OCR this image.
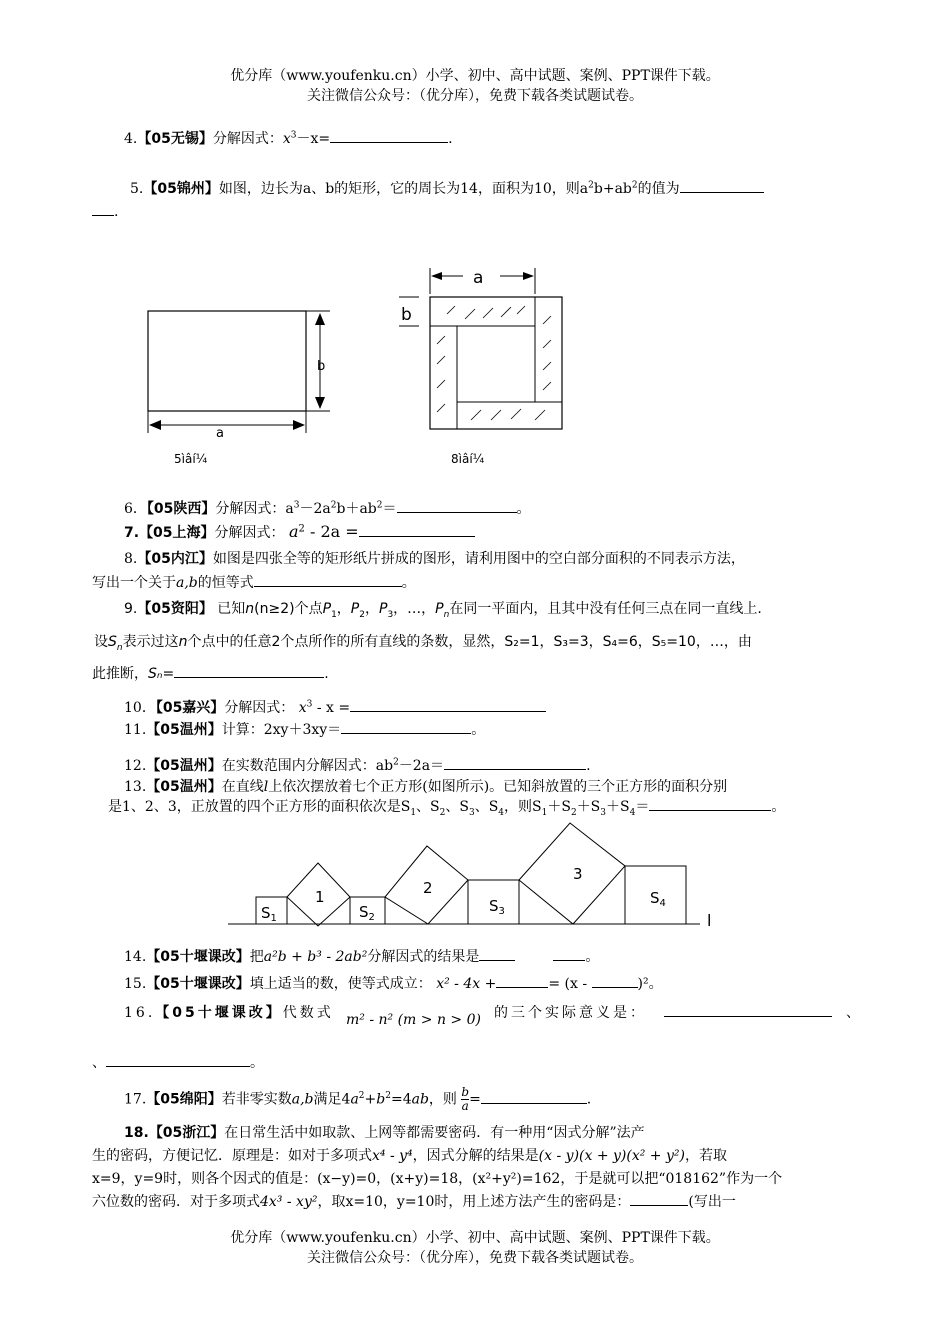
优分库（www.youfenku.cn）小学、初中、高中试题、案例、PPT课件下载。
关注微信公众号：（优分库），免费下载各类试题试卷。
4.【05无锡】分解因式：$x^3-x=$	.
5.【05锦州】如图，边长为a、b的矩形，它的周长为14，面积为10，则$a^2b+ab^2$的值为
.
b
a
5ìâí¼
a
b
8ìâí¼
6．【05陕西】分解因式：$a^3-2a^2b+ab^2=$	。
7.【05上海】分解因式： $a^2 - 2a$ =
8.【05内江】如图是四张全等的矩形纸片拼成的图形，请利用图中的空白部分面积的不同表示方法，
写出一个关于a,b的恒等式	。
9.【05资阳】 已知n(n≥2)个点$P_1$，$P_2$，$P_3$，…，$P_n$在同一平面内，且其中没有任何三点在同一直线上.
设$S_n$表示过这n个点中的任意2个点所作的所有直线的条数，显然，S₂=1，S₃=3，S₄=6，S₅=10，…，由
此推断，Sₙ=	.
10．【05嘉兴】分解因式： $x^3$ - x =
11.【05温州】计算：2xy＋3xy＝	。
12.【05温州】在实数范围内分解因式：$ab^2-2a=$	.
13.【05温州】在直线l上依次摆放着七个正方形(如图所示)。已知斜放置的三个正方形的面积分别
是1、2、3，正放置的四个正方形的面积依次是$S_1$、$S_2$、$S_3$、$S_4$，则$S_1+S_2+S_3+S_4=$	。
$S_1$	$S_2$
$S_3$
$S_4$
1	2
3
l
14.【05十堰课改】把a²b + b³ - 2ab²分解因式的结果是	。
15.【05十堰课改】填上适当的数，使等式成立： x² - 4x +	= (x -	)²。
16.【05十堰课改】代数式 m² - n² (m > n > 0) 的三个实际意义是：	、
、	。
17.【05绵阳】若非零实数a,b满足$4a^2+b^2=4ab$，则 $\frac{b}{a}$ =	.
18.【05浙江】在日常生活中如取款、上网等都需要密码．有一种用“因式分解”法产
生的密码，方便记忆．原理是：如对于多项式x⁴ - y⁴，因式分解的结果是(x - y)(x + y)(x² + y²)，若取
x=9，y=9时，则各个因式的值是：(x−y)=0，(x+y)=18，(x²+y²)=162，于是就可以把“018162”作为一个
六位数的密码．对于多项式4x³ - xy²，取x=10，y=10时，用上述方法产生的密码是：	(写出一
优分库（www.youfenku.cn）小学、初中、高中试题、案例、PPT课件下载。
关注微信公众号：（优分库），免费下载各类试题试卷。
